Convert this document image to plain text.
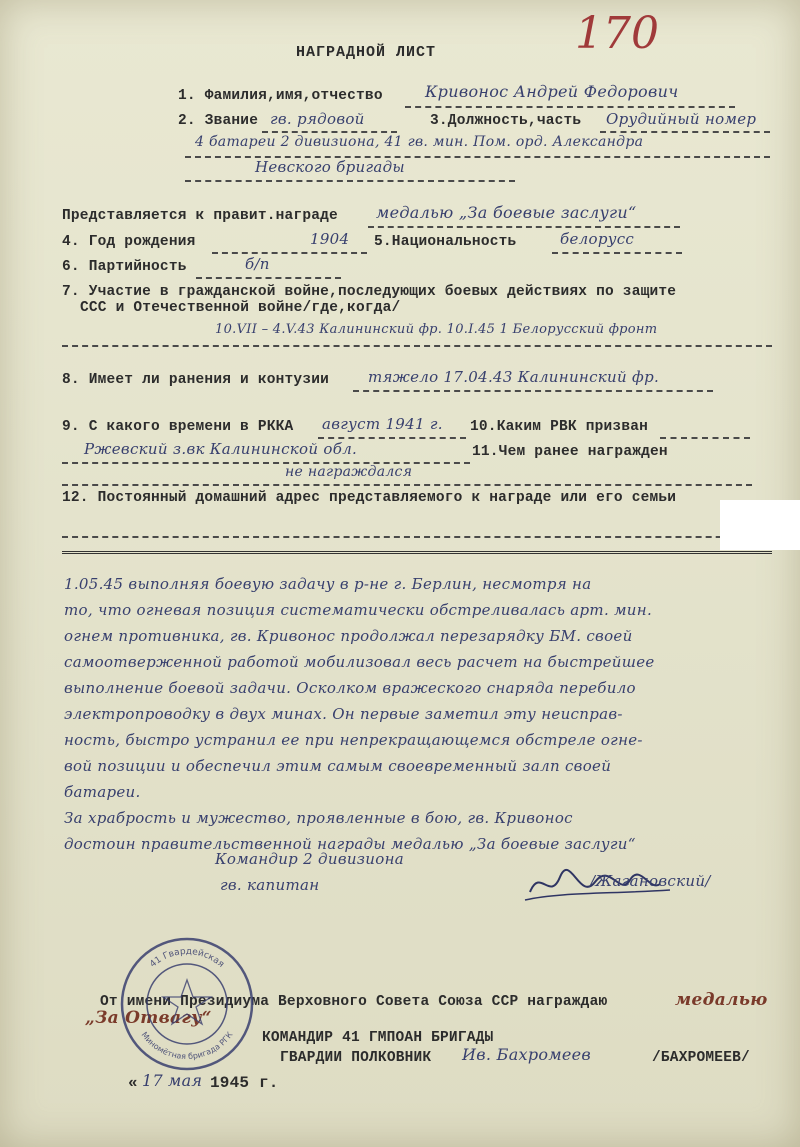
170
НАГРАДНОЙ ЛИСТ
1. Фамилия,имя,отчество	Кривонос Андрей Федорович
2. Звание гв. рядовой	3.Должность,часть Орудийный номер
4 батареи 2 дивизиона, 41 гв. мин. Пом. орд. Александра
Невского бригады
Представляется к правит.награде медалью „За боевые заслуги“
4. Год рождения	1904 5.Национальность	белорусс
6. Партийность	б/п
7. Участие в гражданской войне,последующих боевых действиях по защите
ССС и Отечественной войне/где,когда/
10.VII – 4.V.43 Калининский фр. 10.I.45 1 Белорусский фронт
8. Имеет ли ранения и контузии	тяжело 17.04.43 Калининский фр.
9. С какого времени в РККА август 1941 г. 10.Каким РВК призван
Ржевский з.вк Калининской обл.	11.Чем ранее награжден
не награждался
12. Постоянный домашний адрес представляемого к награде или его семьи
1.05.45 выполняя боевую задачу в р-не г. Берлин, несмотря на
то, что огневая позиция систематически обстреливалась арт. мин.
огнем противника, гв. Кривонос продолжал перезарядку БМ. своей
самоотверженной работой мобилизовал весь расчет на быстрейшее
выполнение боевой задачи. Осколком вражеского снаряда перебило
электропроводку в двух минах. Он первые заметил эту неисправ-
ность, быстро устранил ее при непрекращающемся обстреле огне-
вой позиции и обеспечил этим самым своевременный залп своей
батареи.
За храбрость и мужество, проявленные в бою, гв. Кривонос
достоин правительственной награды медалью „За боевые заслуги“
Командир 2 дивизиона
гв. капитан	/Жагановский/
От имени Президиума Верховного Совета Союза ССР награждаю	медалью
„За Отвагу“
КОМАНДИР 41 ГМПОАН БРИГАДЫ
ГВАРДИИ ПОЛКОВНИК Ив. Бахромеев	/БАХРОМЕЕВ/
« 17 мая 1945 г.
41 Гвардейская
Миномётная бригада РГК
